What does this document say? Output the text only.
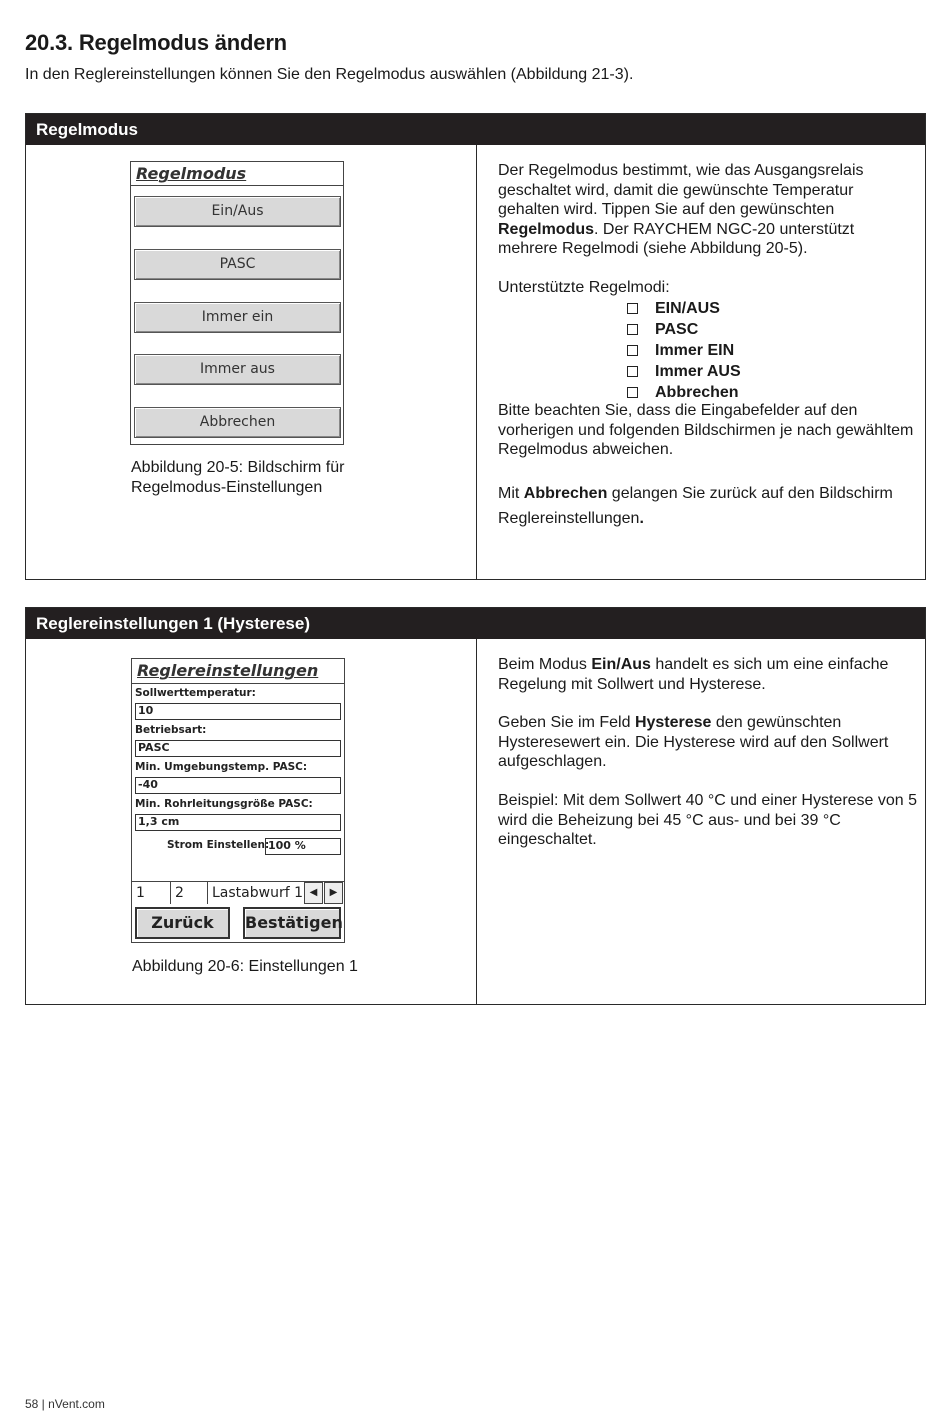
20.3. Regelmodus ändern
In den Reglereinstellungen können Sie den Regelmodus auswählen (Abbildung 21-3).
Regelmodus
Regelmodus
Ein/Aus
PASC
Immer ein
Immer aus
Abbrechen
Abbildung 20-5: Bildschirm für
Regelmodus-Einstellungen
Der Regelmodus bestimmt, wie das Ausgangsrelais geschaltet wird, damit die gewünschte Temperatur gehalten wird. Tippen Sie auf den gewünschten Regelmodus. Der RAYCHEM NGC-20 unterstützt mehrere Regelmodi (siehe Abbildung 20-5).
Unterstützte Regelmodi:
EIN/AUS
PASC
Immer EIN
Immer AUS
Abbrechen
Bitte beachten Sie, dass die Eingabefelder auf den vorherigen und folgenden Bildschirmen je nach gewähltem Regelmodus abweichen.
Mit Abbrechen gelangen Sie zurück auf den Bildschirm Reglereinstellungen.
Reglereinstellungen 1 (Hysterese)
Reglereinstellungen
Sollwerttemperatur:
10
Betriebsart:
PASC
Min. Umgebungstemp. PASC:
-40
Min. Rohrleitungsgröße PASC:
1,3 cm
Strom Einstellen:
100 %
1	2	Lastabwurf 1 ◀	▶
Zurück	Bestätigen
Abbildung 20-6: Einstellungen 1
Beim Modus Ein/Aus handelt es sich um eine einfache Regelung mit Sollwert und Hysterese.
Geben Sie im Feld Hysterese den gewünschten Hysteresewert ein. Die Hysterese wird auf den Sollwert aufgeschlagen.
Beispiel: Mit dem Sollwert 40 °C und einer Hysterese von 5 wird die Beheizung bei 45 °C aus- und bei 39 °C eingeschaltet.
58 | nVent.com
